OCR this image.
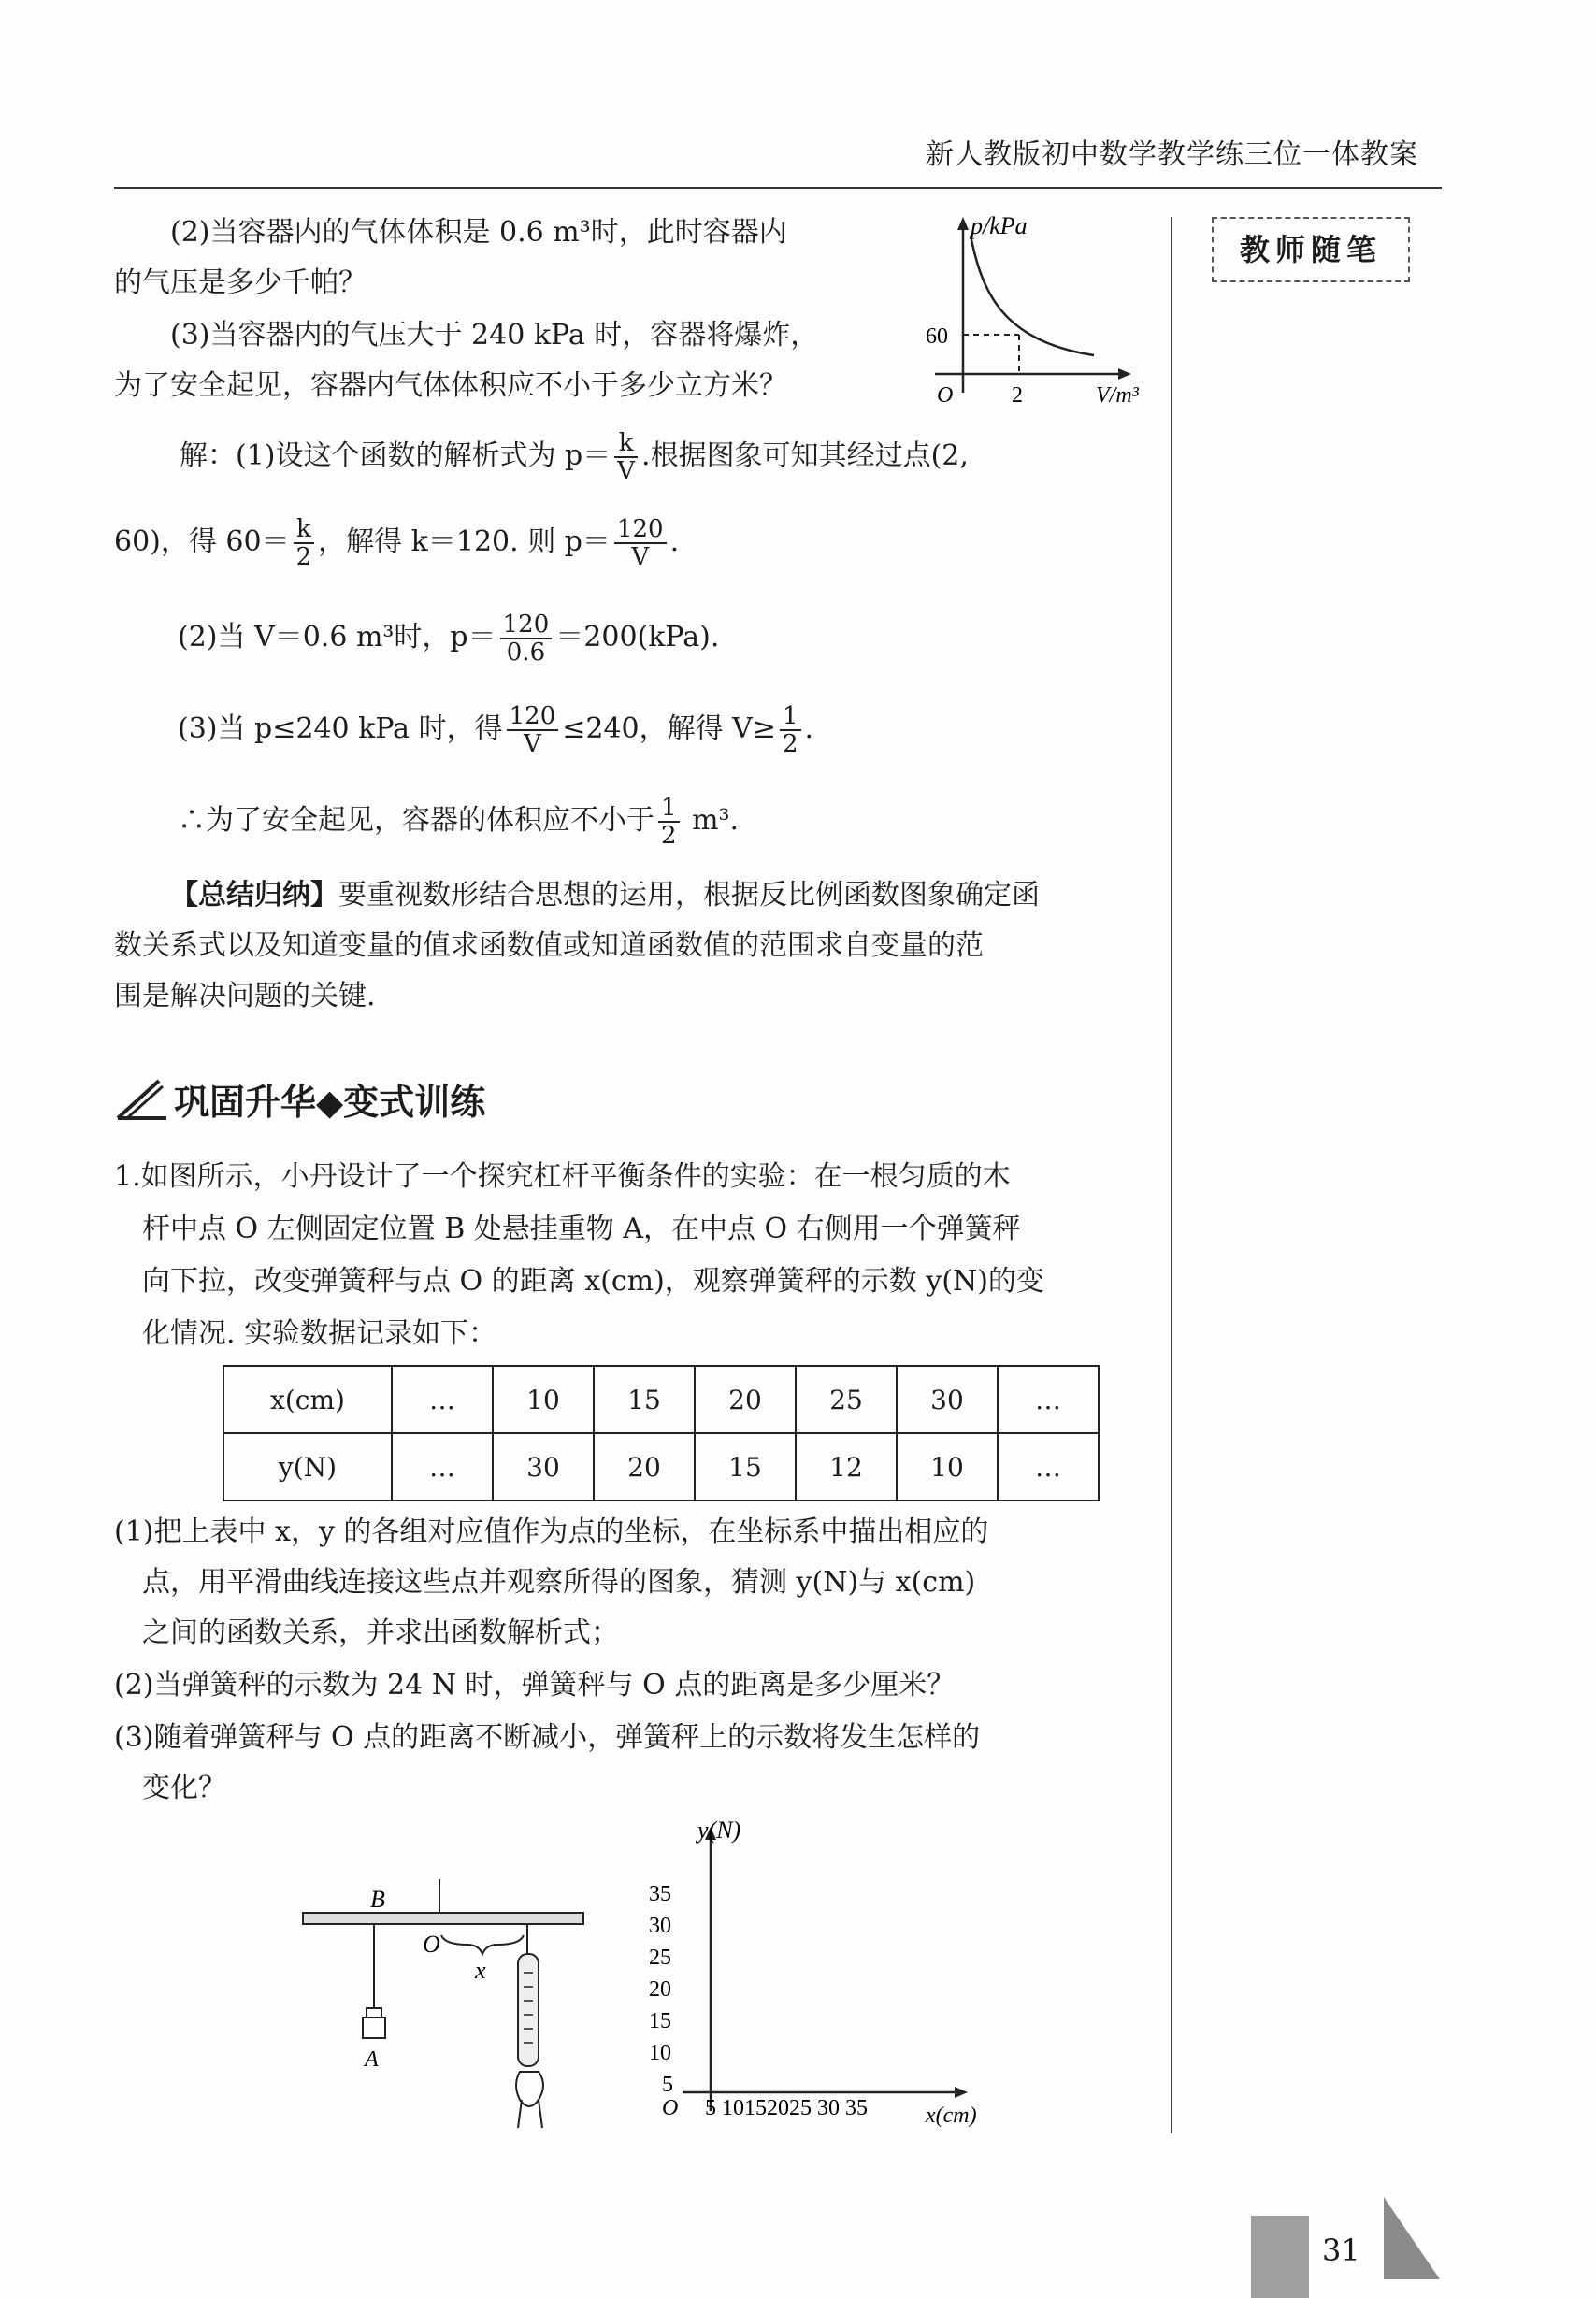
新人教版初中数学教学练三位一体教案
教师随笔
(2)当容器内的气体体积是 0.6 m³时，此时容器内
的气压是多少千帕？
(3)当容器内的气压大于 240 kPa 时，容器将爆炸，
为了安全起见，容器内气体体积应不小于多少立方米？
p/kPa
60
2
O	V/m³
解：(1)设这个函数的解析式为 $p= \frac{k}{V}$ .根据图象可知其经过点(2,
60)，得 $60= \frac{k}{2}$ ，解得 k＝120. 则 $p= \frac{120}{V}$ .
(2)当 V＝0.6 m³时，$p= \frac{120}{0.6} =200(kPa)$.
(3)当 p≤240 kPa 时，得 $\frac{120}{V} \le 240$，解得 $V\ge \frac{1}{2}$ .
∴为了安全起见，容器的体积应不小于 $\frac{1}{2} m^3$.
【总结归纳】要重视数形结合思想的运用，根据反比例函数图象确定函
数关系式以及知道变量的值求函数值或知道函数值的范围求自变量的范
围是解决问题的关键.
巩固升华◆变式训练
1.如图所示，小丹设计了一个探究杠杆平衡条件的实验：在一根匀质的木
杆中点 O 左侧固定位置 B 处悬挂重物 A，在中点 O 右侧用一个弹簧秤
向下拉，改变弹簧秤与点 O 的距离 x(cm)，观察弹簧秤的示数 y(N)的变
化情况. 实验数据记录如下：
x(cm)	…	10	15	20	25	30	…
y(N)	…	30	20	15	12	10	…
(1)把上表中 x，y 的各组对应值作为点的坐标，在坐标系中描出相应的
点，用平滑曲线连接这些点并观察所得的图象，猜测 y(N)与 x(cm)
之间的函数关系，并求出函数解析式；
(2)当弹簧秤的示数为 24 N 时，弹簧秤与 O 点的距离是多少厘米？
(3)随着弹簧秤与 O 点的距离不断减小，弹簧秤上的示数将发生怎样的
变化？
B
O
x
A
y(N)
35
30
25
20
15
10
5
O 5 10152025 30 35	x(cm)
31
